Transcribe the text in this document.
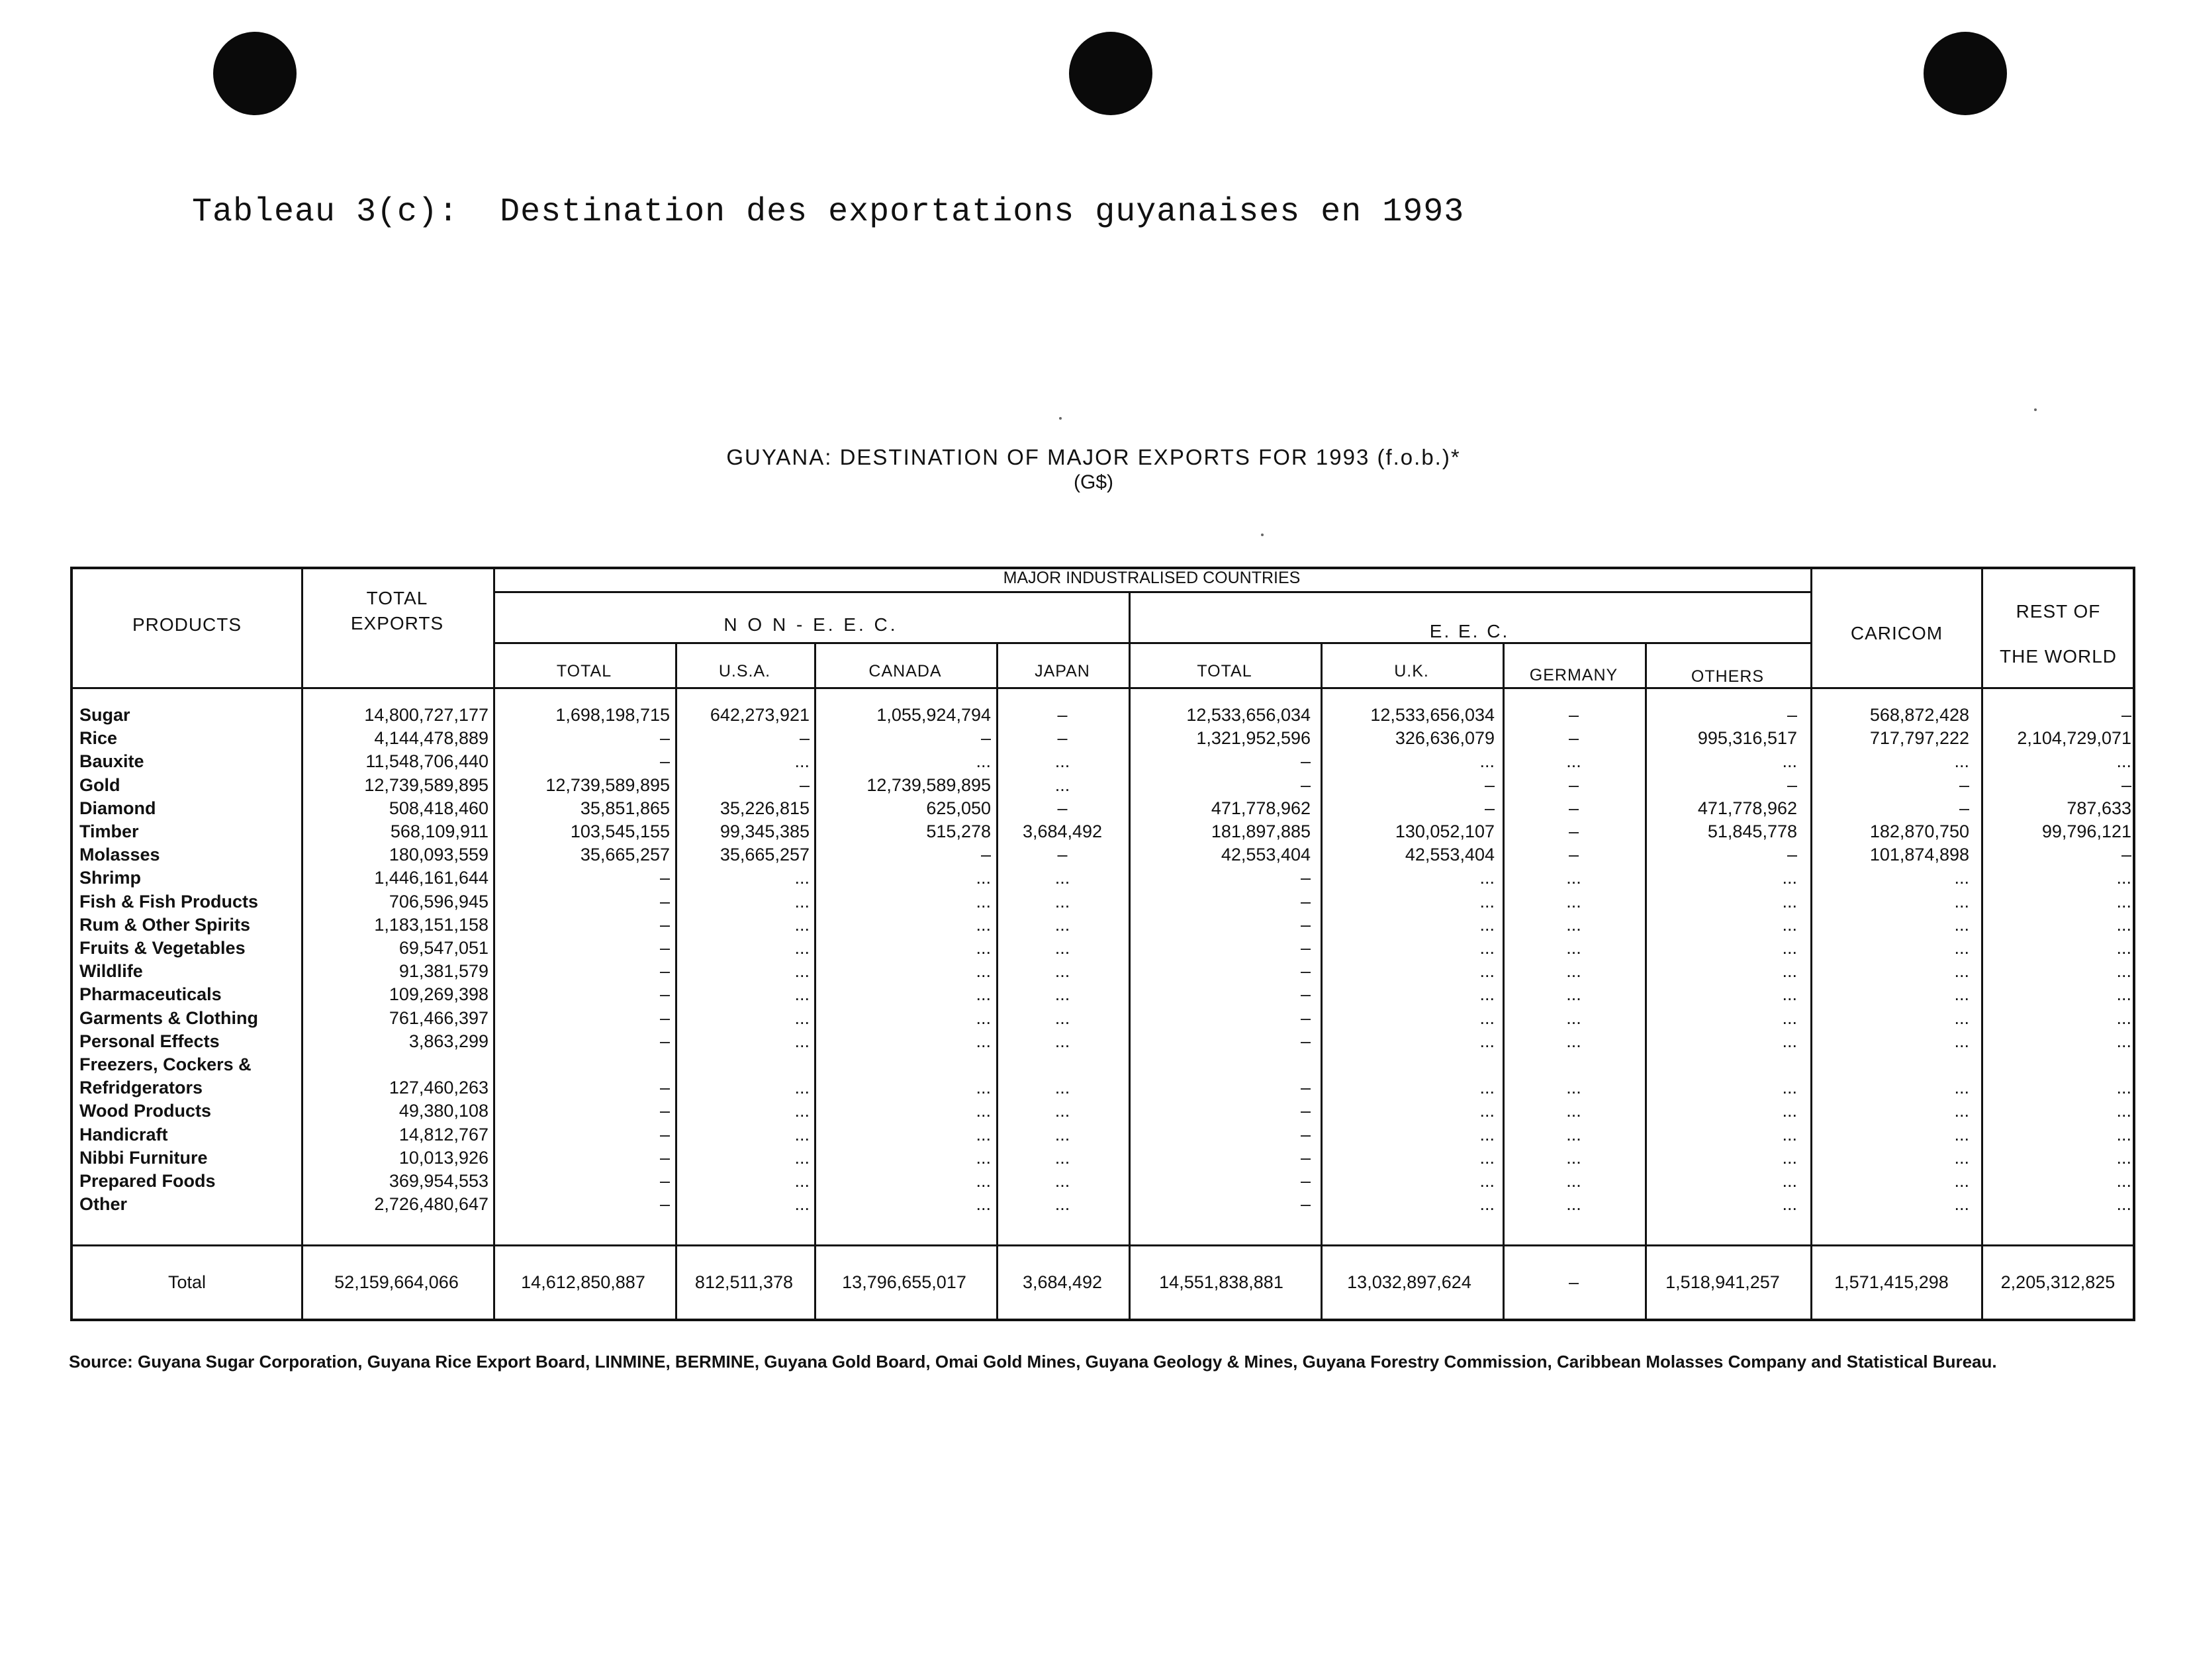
Tableau 3(c):  Destination des exportations guyanaises en 1993
GUYANA: DESTINATION OF MAJOR EXPORTS FOR 1993 (f.o.b.)*
(G$)
PRODUCTS
TOTAL
EXPORTS
MAJOR INDUSTRALISED COUNTRIES
N O N - E. E. C.	E. E. C.	CARICOM
REST OF
THE WORLD
TOTAL	U.S.A.	CANADA	JAPAN	TOTAL	U.K.	GERMANY	OTHERS
Sugar	14,800,727,177	1,698,198,715	642,273,921	1,055,924,794	–	12,533,656,034	12,533,656,034	–	–	568,872,428	–
Rice	4,144,478,889	–	–	–	–	1,321,952,596	326,636,079	–	995,316,517	717,797,222	2,104,729,071
Bauxite	11,548,706,440	–	...	...	...	–	...	...	...	...	...
Gold	12,739,589,895	12,739,589,895	–	12,739,589,895	...	–	–	–	–	–	–
Diamond	508,418,460	35,851,865	35,226,815	625,050	–	471,778,962	–	–	471,778,962	–	787,633
Timber	568,109,911	103,545,155	99,345,385	515,278	3,684,492	181,897,885	130,052,107	–	51,845,778	182,870,750	99,796,121
Molasses	180,093,559	35,665,257	35,665,257	–	–	42,553,404	42,553,404	–	–	101,874,898	–
Shrimp	1,446,161,644	–	...	...	...	–	...	...	...	...	...
Fish & Fish Products	706,596,945	–	...	...	...	–	...	...	...	...	...
Rum & Other Spirits	1,183,151,158	–	...	...	...	–	...	...	...	...	...
Fruits & Vegetables	69,547,051	–	...	...	...	–	...	...	...	...	...
Wildlife	91,381,579	–	...	...	...	–	...	...	...	...	...
Pharmaceuticals	109,269,398	–	...	...	...	–	...	...	...	...	...
Garments & Clothing	761,466,397	–	...	...	...	–	...	...	...	...	...
Personal Effects	3,863,299	–	...	...	...	–	...	...	...	...	...
Freezers, Cockers &
Refridgerators	127,460,263	–	...	...	...	–	...	...	...	...	...
Wood Products	49,380,108	–	...	...	...	–	...	...	...	...	...
Handicraft	14,812,767	–	...	...	...	–	...	...	...	...	...
Nibbi Furniture	10,013,926	–	...	...	...	–	...	...	...	...	...
Prepared Foods	369,954,553	–	...	...	...	–	...	...	...	...	...
Other	2,726,480,647	–	...	...	...	–	...	...	...	...	...
Total	52,159,664,066	14,612,850,887	812,511,378	13,796,655,017	3,684,492	14,551,838,881	13,032,897,624	–	1,518,941,257	1,571,415,298	2,205,312,825
Source: Guyana Sugar Corporation, Guyana Rice Export Board, LINMINE, BERMINE, Guyana Gold Board, Omai Gold Mines, Guyana Geology & Mines, Guyana Forestry Commission, Caribbean Molasses Company and Statistical Bureau.
